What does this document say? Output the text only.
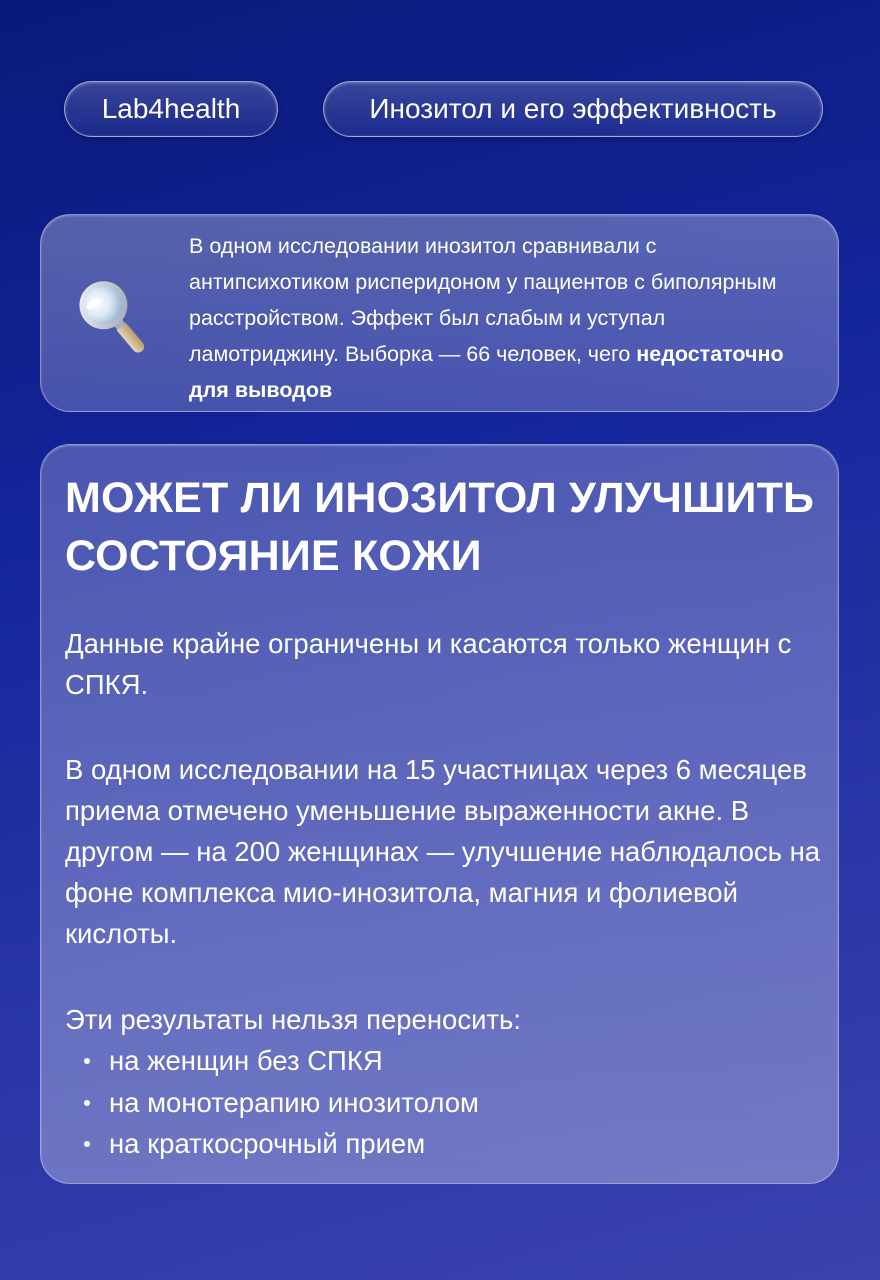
Lab4health	Инозитол и его эффективность
В одном исследовании инозитол сравнивали с антипсихотиком рисперидоном у пациентов с биполярным расстройством. Эффект был слабым и уступал ламотриджину. Выборка — 66 человек, чего недостаточно для выводов
МОЖЕТ ЛИ ИНОЗИТОЛ УЛУЧШИТЬ СОСТОЯНИЕ КОЖИ

Данные крайне ограничены и касаются только женщин с СПКЯ.

В одном исследовании на 15 участницах через 6 месяцев приема отмечено уменьшение выраженности акне. В другом — на 200 женщинах — улучшение наблюдалось на фоне комплекса мио-инозитола, магния и фолиевой кислоты.

Эти результаты нельзя переносить:

на женщин без СПКЯ
на монотерапию инозитолом
на краткосрочный прием
